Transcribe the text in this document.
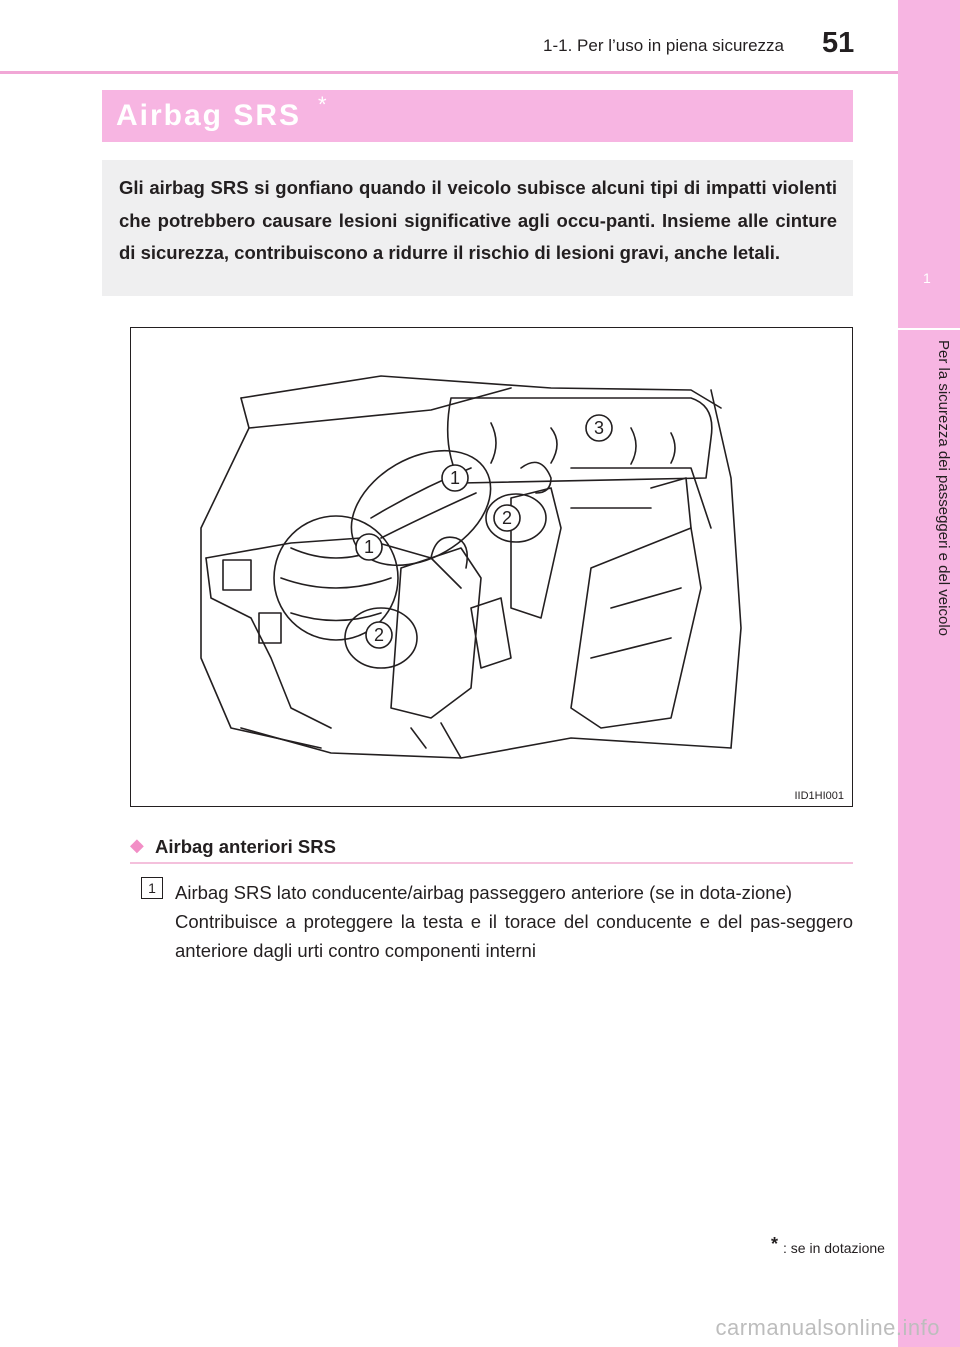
1-1. Per l’uso in piena sicurezza 51
1
Per la sicurezza dei passeggeri e del veicolo
Airbag SRS *
Gli airbag SRS si gonfiano quando il veicolo subisce alcuni tipi di impatti violenti che potrebbero causare lesioni significative agli occu-panti. Insieme alle cinture di sicurezza, contribuiscono a ridurre il rischio di lesioni gravi, anche letali.
1
1
2
2
3
IID1HI001
◆ Airbag anteriori SRS
1	Airbag SRS lato conducente/airbag passeggero anteriore (se in dota-zione)

Contribuisce a proteggere la testa e il torace del conducente e del pas-seggero anteriore dagli urti contro componenti interni

* : se in dotazione
carmanualsonline.info
